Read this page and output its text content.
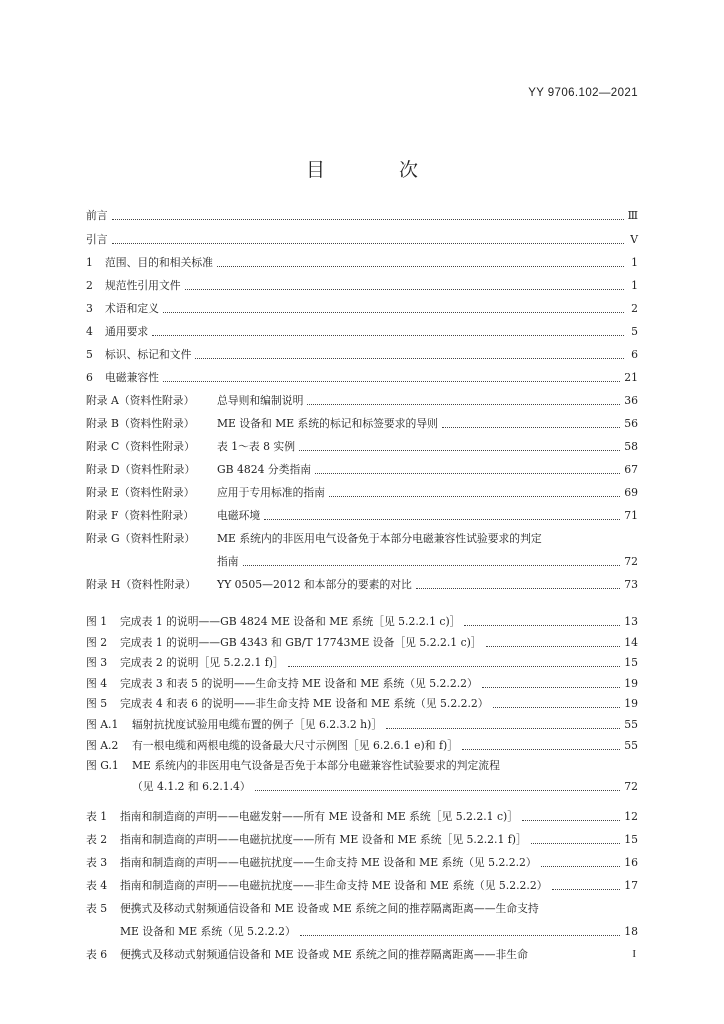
YY 9706.102—2021
目 次
前言	Ⅲ
引言	Ⅴ
1	范围、目的和相关标准	1
2	规范性引用文件	1
3	术语和定义	2
4	通用要求	5
5	标识、标记和文件	6
6	电磁兼容性	21
附录 A（资料性附录）	总导则和编制说明	36
附录 B（资料性附录）	ME 设备和 ME 系统的标记和标签要求的导则	56
附录 C（资料性附录）	表 1～表 8 实例	58
附录 D（资料性附录）	GB 4824 分类指南	67
附录 E（资料性附录）	应用于专用标准的指南	69
附录 F（资料性附录）	电磁环境	71
附录 G（资料性附录）	ME 系统内的非医用电气设备免于本部分电磁兼容性试验要求的判定
指南	72
附录 H（资料性附录）	YY 0505—2012 和本部分的要素的对比	73
图 1	完成表 1 的说明——GB 4824 ME 设备和 ME 系统［见 5.2.2.1 c)］	13
图 2	完成表 1 的说明——GB 4343 和 GB/T 17743ME 设备［见 5.2.2.1 c)］	14
图 3	完成表 2 的说明［见 5.2.2.1 f)］	15
图 4	完成表 3 和表 5 的说明——生命支持 ME 设备和 ME 系统（见 5.2.2.2）	19
图 5	完成表 4 和表 6 的说明——非生命支持 ME 设备和 ME 系统（见 5.2.2.2）	19
图 A.1	辐射抗扰度试验用电缆布置的例子［见 6.2.3.2 h)］	55
图 A.2	有一根电缆和两根电缆的设备最大尺寸示例图［见 6.2.6.1 e)和 f)］	55
图 G.1	ME 系统内的非医用电气设备是否免于本部分电磁兼容性试验要求的判定流程
（见 4.1.2 和 6.2.1.4）	72
表 1	指南和制造商的声明——电磁发射——所有 ME 设备和 ME 系统［见 5.2.2.1 c)］	12
表 2	指南和制造商的声明——电磁抗扰度——所有 ME 设备和 ME 系统［见 5.2.2.1 f)］	15
表 3	指南和制造商的声明——电磁抗扰度——生命支持 ME 设备和 ME 系统（见 5.2.2.2）	16
表 4	指南和制造商的声明——电磁抗扰度——非生命支持 ME 设备和 ME 系统（见 5.2.2.2）	17
表 5	便携式及移动式射频通信设备和 ME 设备或 ME 系统之间的推荐隔离距离——生命支持
ME 设备和 ME 系统（见 5.2.2.2）	18
表 6	便携式及移动式射频通信设备和 ME 设备或 ME 系统之间的推荐隔离距离——非生命	I
